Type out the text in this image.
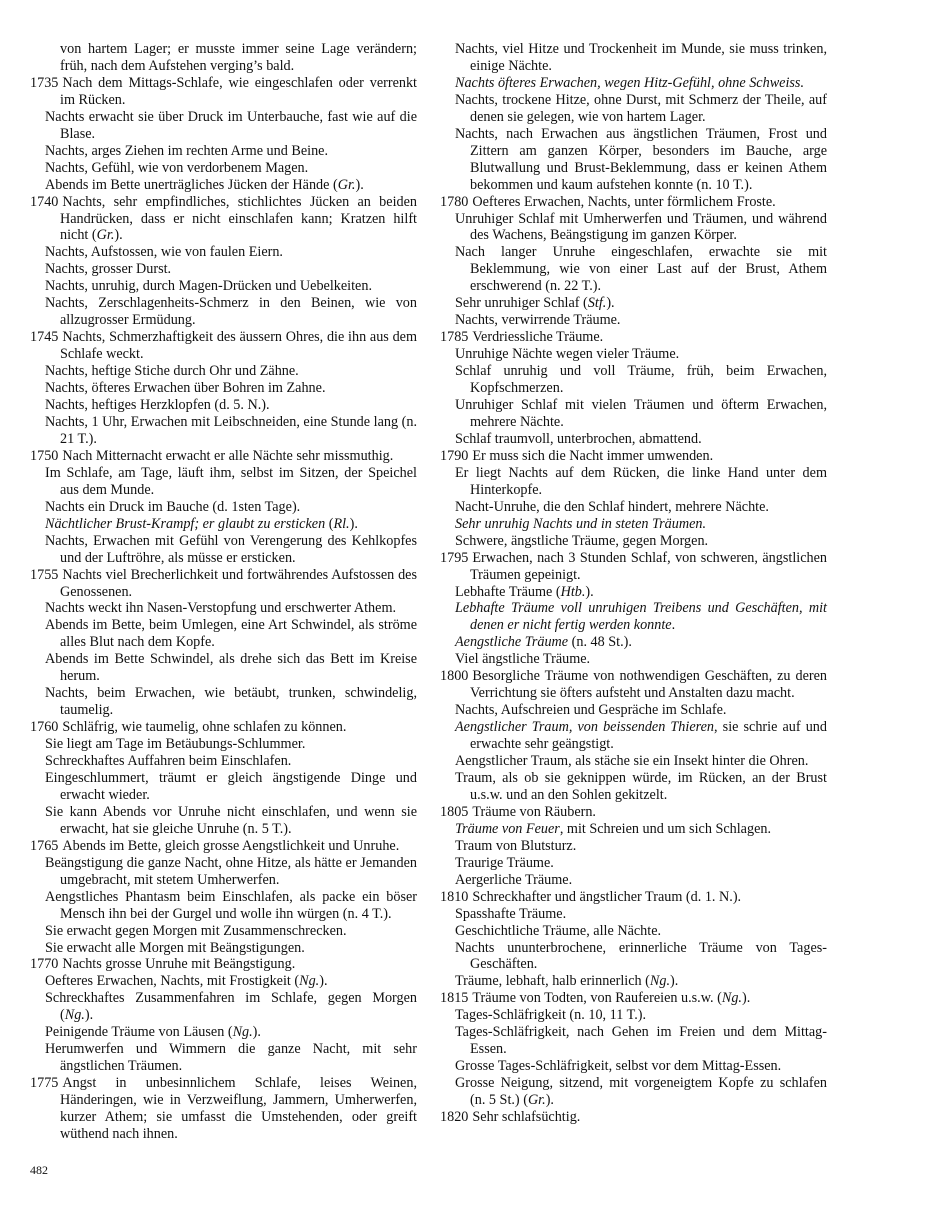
von hartem Lager; er musste immer seine Lage verändern; früh, nach dem Aufstehen verging’s bald.
1735 Nach dem Mittags-Schlafe, wie eingeschlafen oder verrenkt im Rücken.
Nachts erwacht sie über Druck im Unterbauche, fast wie auf die Blase.
Nachts, arges Ziehen im rechten Arme und Beine.
Nachts, Gefühl, wie von verdorbenem Magen.
Abends im Bette unerträgliches Jücken der Hände (Gr.).
1740 Nachts, sehr empfindliches, stichlichtes Jücken an beiden Handrücken, dass er nicht einschlafen kann; Kratzen hilft nicht (Gr.).
Nachts, Aufstossen, wie von faulen Eiern.
Nachts, grosser Durst.
Nachts, unruhig, durch Magen-Drücken und Uebelkeiten.
Nachts, Zerschlagenheits-Schmerz in den Beinen, wie von allzugrosser Ermüdung.
1745 Nachts, Schmerzhaftigkeit des äussern Ohres, die ihn aus dem Schlafe weckt.
Nachts, heftige Stiche durch Ohr und Zähne.
Nachts, öfteres Erwachen über Bohren im Zahne.
Nachts, heftiges Herzklopfen (d. 5. N.).
Nachts, 1 Uhr, Erwachen mit Leibschneiden, eine Stunde lang (n. 21 T.).
1750 Nach Mitternacht erwacht er alle Nächte sehr missmuthig.
Im Schlafe, am Tage, läuft ihm, selbst im Sitzen, der Speichel aus dem Munde.
Nachts ein Druck im Bauche (d. 1sten Tage).
Nächtlicher Brust-Krampf; er glaubt zu ersticken (Rl.).
Nachts, Erwachen mit Gefühl von Verengerung des Kehlkopfes und der Luftröhre, als müsse er ersticken.
1755 Nachts viel Brecherlichkeit und fortwährendes Aufstossen des Genossenen.
Nachts weckt ihn Nasen-Verstopfung und erschwerter Athem.
Abends im Bette, beim Umlegen, eine Art Schwindel, als ströme alles Blut nach dem Kopfe.
Abends im Bette Schwindel, als drehe sich das Bett im Kreise herum.
Nachts, beim Erwachen, wie betäubt, trunken, schwindelig, taumelig.
1760 Schläfrig, wie taumelig, ohne schlafen zu können.
Sie liegt am Tage im Betäubungs-Schlummer.
Schreckhaftes Auffahren beim Einschlafen.
Eingeschlummert, träumt er gleich ängstigende Dinge und erwacht wieder.
Sie kann Abends vor Unruhe nicht einschlafen, und wenn sie erwacht, hat sie gleiche Unruhe (n. 5 T.).
1765 Abends im Bette, gleich grosse Aengstlichkeit und Unruhe.
Beängstigung die ganze Nacht, ohne Hitze, als hätte er Jemanden umgebracht, mit stetem Umherwerfen.
Aengstliches Phantasm beim Einschlafen, als packe ein böser Mensch ihn bei der Gurgel und wolle ihn würgen (n. 4 T.).
Sie erwacht gegen Morgen mit Zusammenschrecken.
Sie erwacht alle Morgen mit Beängstigungen.
1770 Nachts grosse Unruhe mit Beängstigung.
Oefteres Erwachen, Nachts, mit Frostigkeit (Ng.).
Schreckhaftes Zusammenfahren im Schlafe, gegen Morgen (Ng.).
Peinigende Träume von Läusen (Ng.).
Herumwerfen und Wimmern die ganze Nacht, mit sehr ängstlichen Träumen.
1775 Angst in unbesinnlichem Schlafe, leises Weinen, Händeringen, wie in Verzweiflung, Jammern, Umherwerfen, kurzer Athem; sie umfasst die Umstehenden, oder greift wüthend nach ihnen.
Nachts, viel Hitze und Trockenheit im Munde, sie muss trinken, einige Nächte.
Nachts öfteres Erwachen, wegen Hitz-Gefühl, ohne Schweiss.
Nachts, trockene Hitze, ohne Durst, mit Schmerz der Theile, auf denen sie gelegen, wie von hartem Lager.
Nachts, nach Erwachen aus ängstlichen Träumen, Frost und Zittern am ganzen Körper, besonders im Bauche, arge Blutwallung und Brust-Beklemmung, dass er keinen Athem bekommen und kaum aufstehen konnte (n. 10 T.).
1780 Oefteres Erwachen, Nachts, unter förmlichem Froste.
Unruhiger Schlaf mit Umherwerfen und Träumen, und während des Wachens, Beängstigung im ganzen Körper.
Nach langer Unruhe eingeschlafen, erwachte sie mit Beklemmung, wie von einer Last auf der Brust, Athem erschwerend (n. 22 T.).
Sehr unruhiger Schlaf (Stf.).
Nachts, verwirrende Träume.
1785 Verdriessliche Träume.
Unruhige Nächte wegen vieler Träume.
Schlaf unruhig und voll Träume, früh, beim Erwachen, Kopfschmerzen.
Unruhiger Schlaf mit vielen Träumen und öfterm Erwachen, mehrere Nächte.
Schlaf traumvoll, unterbrochen, abmattend.
1790 Er muss sich die Nacht immer umwenden.
Er liegt Nachts auf dem Rücken, die linke Hand unter dem Hinterkopfe.
Nacht-Unruhe, die den Schlaf hindert, mehrere Nächte.
Sehr unruhig Nachts und in steten Träumen.
Schwere, ängstliche Träume, gegen Morgen.
1795 Erwachen, nach 3 Stunden Schlaf, von schweren, ängstlichen Träumen gepeinigt.
Lebhafte Träume (Htb.).
Lebhafte Träume voll unruhigen Treibens und Geschäften, mit denen er nicht fertig werden konnte.
Aengstliche Träume (n. 48 St.).
Viel ängstliche Träume.
1800 Besorgliche Träume von nothwendigen Geschäften, zu deren Verrichtung sie öfters aufsteht und Anstalten dazu macht.
Nachts, Aufschreien und Gespräche im Schlafe.
Aengstlicher Traum, von beissenden Thieren, sie schrie auf und erwachte sehr geängstigt.
Aengstlicher Traum, als stäche sie ein Insekt hinter die Ohren.
Traum, als ob sie geknippen würde, im Rücken, an der Brust u.s.w. und an den Sohlen gekitzelt.
1805 Träume von Räubern.
Träume von Feuer, mit Schreien und um sich Schlagen.
Traum von Blutsturz.
Traurige Träume.
Aergerliche Träume.
1810 Schreckhafter und ängstlicher Traum (d. 1. N.).
Spasshafte Träume.
Geschichtliche Träume, alle Nächte.
Nachts ununterbrochene, erinnerliche Träume von Tages-Geschäften.
Träume, lebhaft, halb erinnerlich (Ng.).
1815 Träume von Todten, von Raufereien u.s.w. (Ng.).
Tages-Schläfrigkeit (n. 10, 11 T.).
Tages-Schläfrigkeit, nach Gehen im Freien und dem Mittag-Essen.
Grosse Tages-Schläfrigkeit, selbst vor dem Mittag-Essen.
Grosse Neigung, sitzend, mit vorgeneigtem Kopfe zu schlafen (n. 5 St.) (Gr.).
1820 Sehr schlafsüchtig.
482
